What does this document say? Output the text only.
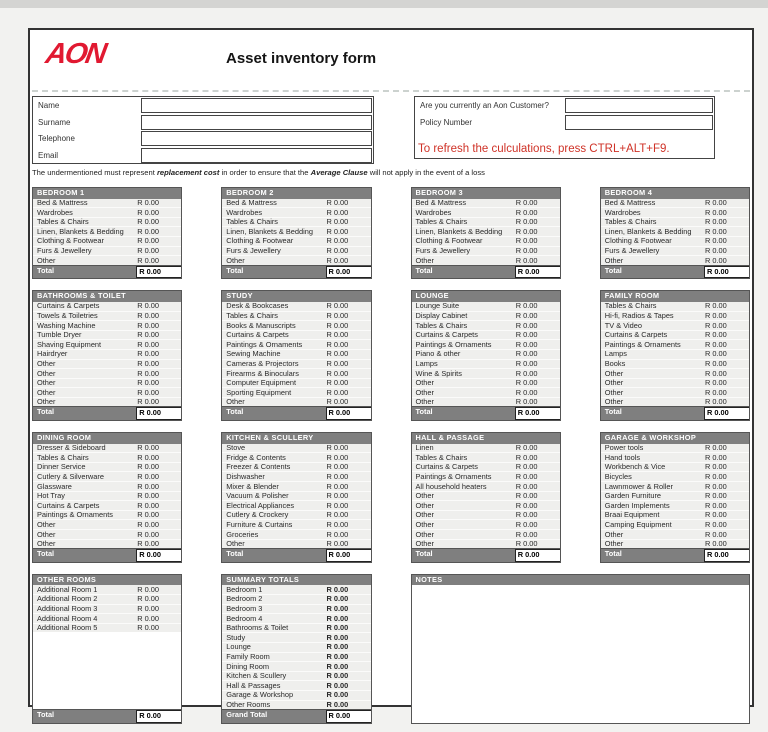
AON	Asset inventory form
Name
Surname
Telephone
Email
Are you currently an Aon Customer?
Policy Number
To refresh the culculations, press CTRL+ALT+F9.
The undermentioned must represent replacement cost in order to ensure that the Average Clause will not apply in the event of a loss
BEDROOM 1
Bed & Mattress	R 0.00
Wardrobes	R 0.00
Tables & Chairs	R 0.00
Linen, Blankets & Bedding	R 0.00
Clothing & Footwear	R 0.00
Furs & Jewellery	R 0.00
Other	R 0.00
Total	R 0.00
BEDROOM 2
Bed & Mattress	R 0.00
Wardrobes	R 0.00
Tables & Chairs	R 0.00
Linen, Blankets & Bedding	R 0.00
Clothing & Footwear	R 0.00
Furs & Jewellery	R 0.00
Other	R 0.00
Total	R 0.00
BEDROOM 3
Bed & Mattress	R 0.00
Wardrobes	R 0.00
Tables & Chairs	R 0.00
Linen, Blankets & Bedding	R 0.00
Clothing & Footwear	R 0.00
Furs & Jewellery	R 0.00
Other	R 0.00
Total	R 0.00
BEDROOM 4
Bed & Mattress	R 0.00
Wardrobes	R 0.00
Tables & Chairs	R 0.00
Linen, Blankets & Bedding	R 0.00
Clothing & Footwear	R 0.00
Furs & Jewellery	R 0.00
Other	R 0.00
Total	R 0.00
BATHROOMS & TOILET
Curtains & Carpets	R 0.00
Towels & Toiletries	R 0.00
Washing Machine	R 0.00
Tumble Dryer	R 0.00
Shaving Equipment	R 0.00
Hairdryer	R 0.00
Other	R 0.00
Other	R 0.00
Other	R 0.00
Other	R 0.00
Other	R 0.00
Total	R 0.00
STUDY
Desk & Bookcases	R 0.00
Tables & Chairs	R 0.00
Books & Manuscripts	R 0.00
Curtains & Carpets	R 0.00
Paintings & Ornaments	R 0.00
Sewing Machine	R 0.00
Cameras & Projectors	R 0.00
Firearms & Binoculars	R 0.00
Computer Equipment	R 0.00
Sporting Equipment	R 0.00
Other	R 0.00
Total	R 0.00
LOUNGE
Lounge Suite	R 0.00
Display Cabinet	R 0.00
Tables & Chairs	R 0.00
Curtains & Carpets	R 0.00
Paintings & Ornaments	R 0.00
Piano & other	R 0.00
Lamps	R 0.00
Wine & Spirits	R 0.00
Other	R 0.00
Other	R 0.00
Other	R 0.00
Total	R 0.00
FAMILY ROOM
Tables & Chairs	R 0.00
Hi-fi, Radios & Tapes	R 0.00
TV & Video	R 0.00
Curtains & Carpets	R 0.00
Paintings & Ornaments	R 0.00
Lamps	R 0.00
Books	R 0.00
Other	R 0.00
Other	R 0.00
Other	R 0.00
Other	R 0.00
Total	R 0.00
DINING ROOM
Dresser & Sideboard	R 0.00
Tables & Chairs	R 0.00
Dinner Service	R 0.00
Cutlery & Silverware	R 0.00
Glassware	R 0.00
Hot Tray	R 0.00
Curtains & Carpets	R 0.00
Paintings & Ornaments	R 0.00
Other	R 0.00
Other	R 0.00
Other	R 0.00
Total	R 0.00
KITCHEN & SCULLERY
Stove	R 0.00
Fridge & Contents	R 0.00
Freezer & Contents	R 0.00
Dishwasher	R 0.00
Mixer & Blender	R 0.00
Vacuum & Polisher	R 0.00
Electrical Appliances	R 0.00
Cutlery & Crockery	R 0.00
Furniture & Curtains	R 0.00
Groceries	R 0.00
Other	R 0.00
Total	R 0.00
HALL & PASSAGE
Linen	R 0.00
Tables & Chairs	R 0.00
Curtains & Carpets	R 0.00
Paintings & Ornaments	R 0.00
All household heaters	R 0.00
Other	R 0.00
Other	R 0.00
Other	R 0.00
Other	R 0.00
Other	R 0.00
Other	R 0.00
Total	R 0.00
GARAGE & WORKSHOP
Power tools	R 0.00
Hand tools	R 0.00
Workbench & Vice	R 0.00
Bicycles	R 0.00
Lawnmower & Roller	R 0.00
Garden Furniture	R 0.00
Garden Implements	R 0.00
Braai Equipment	R 0.00
Camping Equipment	R 0.00
Other	R 0.00
Other	R 0.00
Total	R 0.00
OTHER ROOMS
Additional Room 1	R 0.00
Additional Room 2	R 0.00
Additional Room 3	R 0.00
Additional Room 4	R 0.00
Additional Room 5	R 0.00
Total	R 0.00
SUMMARY TOTALS
Bedroom 1	R 0.00
Bedroom 2	R 0.00
Bedroom 3	R 0.00
Bedroom 4	R 0.00
Bathrooms & Toilet	R 0.00
Study	R 0.00
Lounge	R 0.00
Family Room	R 0.00
Dining Room	R 0.00
Kitchen & Scullery	R 0.00
Hall & Passages	R 0.00
Garage & Workshop	R 0.00
Other Rooms	R 0.00
Grand Total	R 0.00
NOTES
